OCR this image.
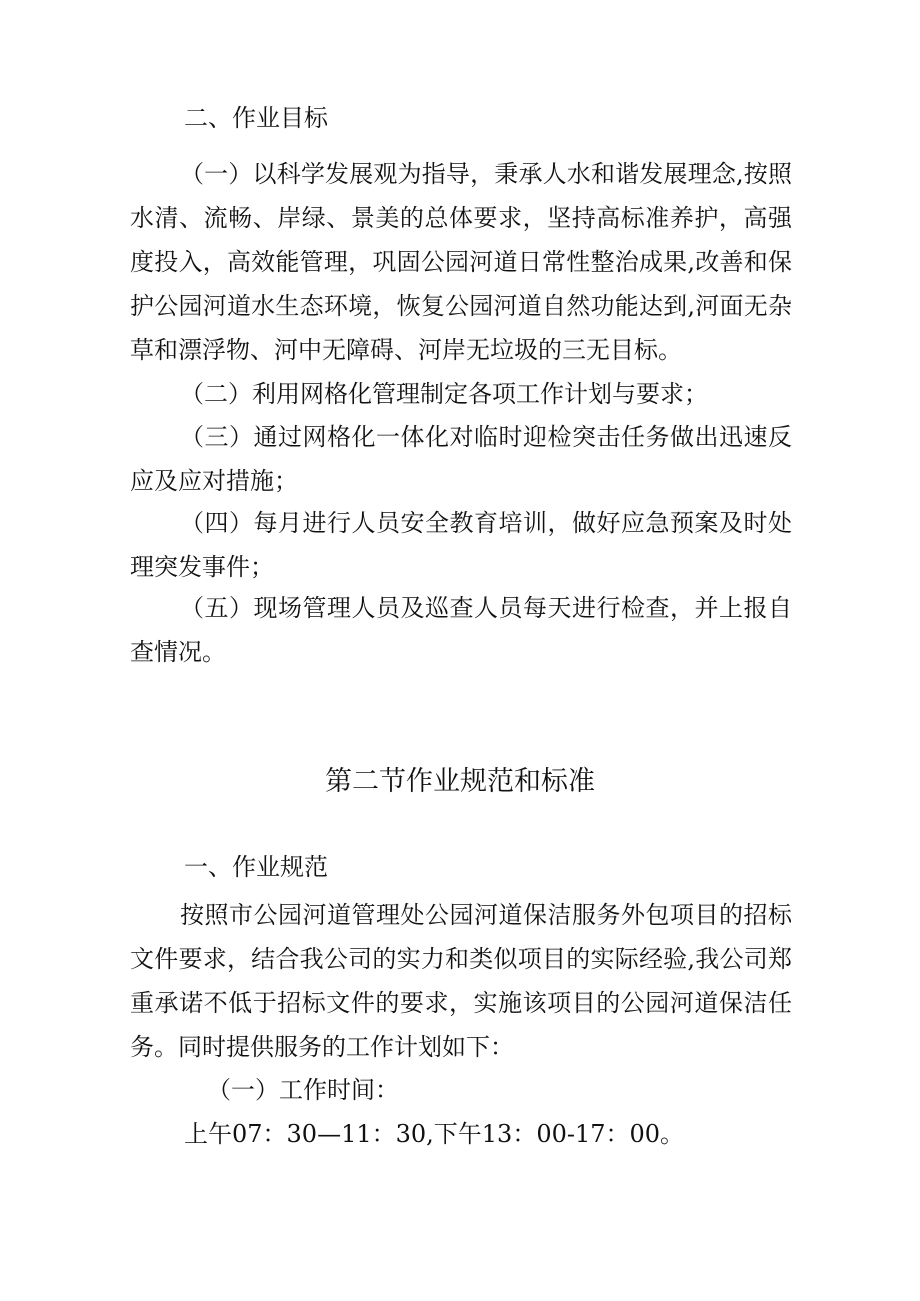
二、作业目标
（一）以科学发展观为指导，秉承人水和谐发展理念,按照水清、流畅、岸绿、景美的总体要求，坚持高标准养护，高强度投入，高效能管理，巩固公园河道日常性整治成果,改善和保护公园河道水生态环境，恢复公园河道自然功能达到,河面无杂草和漂浮物、河中无障碍、河岸无垃圾的三无目标。
（二）利用网格化管理制定各项工作计划与要求；
（三）通过网格化一体化对临时迎检突击任务做出迅速反应及应对措施；
（四）每月进行人员安全教育培训，做好应急预案及时处理突发事件；
（五）现场管理人员及巡查人员每天进行检查，并上报自查情况。
第二节作业规范和标准
一、作业规范
按照市公园河道管理处公园河道保洁服务外包项目的招标文件要求，结合我公司的实力和类似项目的实际经验,我公司郑重承诺不低于招标文件的要求，实施该项目的公园河道保洁任务。同时提供服务的工作计划如下：
（一）工作时间：
上午07：30—11：30,下午13：00-17：00。
